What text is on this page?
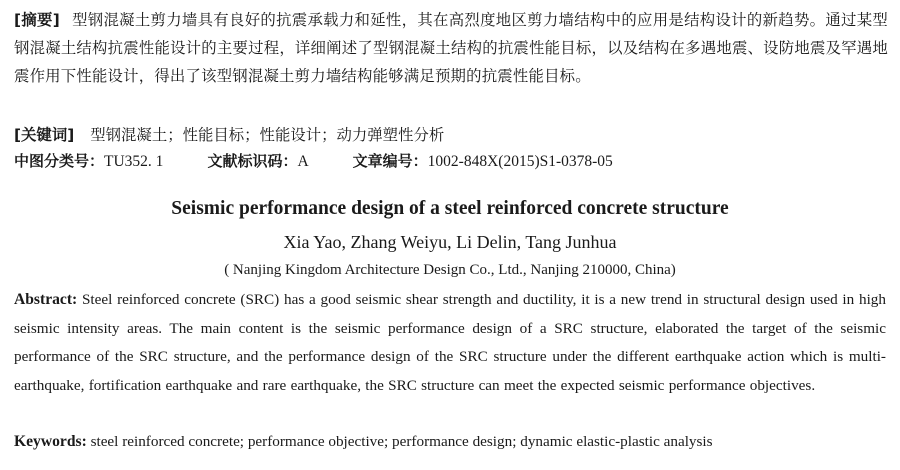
[摘要] 型钢混凝土剪力墙具有良好的抗震承载力和延性，其在高烈度地区剪力墙结构中的应用是结构设计的新趋势。通过某型钢混凝土结构抗震性能设计的主要过程，详细阐述了型钢混凝土结构的抗震性能目标，以及结构在多遇地震、设防地震及罕遇地震作用下性能设计，得出了该型钢混凝土剪力墙结构能够满足预期的抗震性能目标。
[关键词] 型钢混凝土；性能目标；性能设计；动力弹塑性分析
中图分类号：TU352. 1	文献标识码：A	文章编号：1002-848X(2015)S1-0378-05
Seismic performance design of a steel reinforced concrete structure
Xia Yao, Zhang Weiyu, Li Delin, Tang Junhua
( Nanjing Kingdom Architecture Design Co., Ltd., Nanjing 210000, China)
Abstract: Steel reinforced concrete (SRC) has a good seismic shear strength and ductility, it is a new trend in structural design used in high seismic intensity areas. The main content is the seismic performance design of a SRC structure, elaborated the target of the seismic performance of the SRC structure, and the performance design of the SRC structure under the different earthquake action which is multi-earthquake, fortification earthquake and rare earthquake, the SRC structure can meet the expected seismic performance objectives.
Keywords: steel reinforced concrete; performance objective; performance design; dynamic elastic-plastic analysis
